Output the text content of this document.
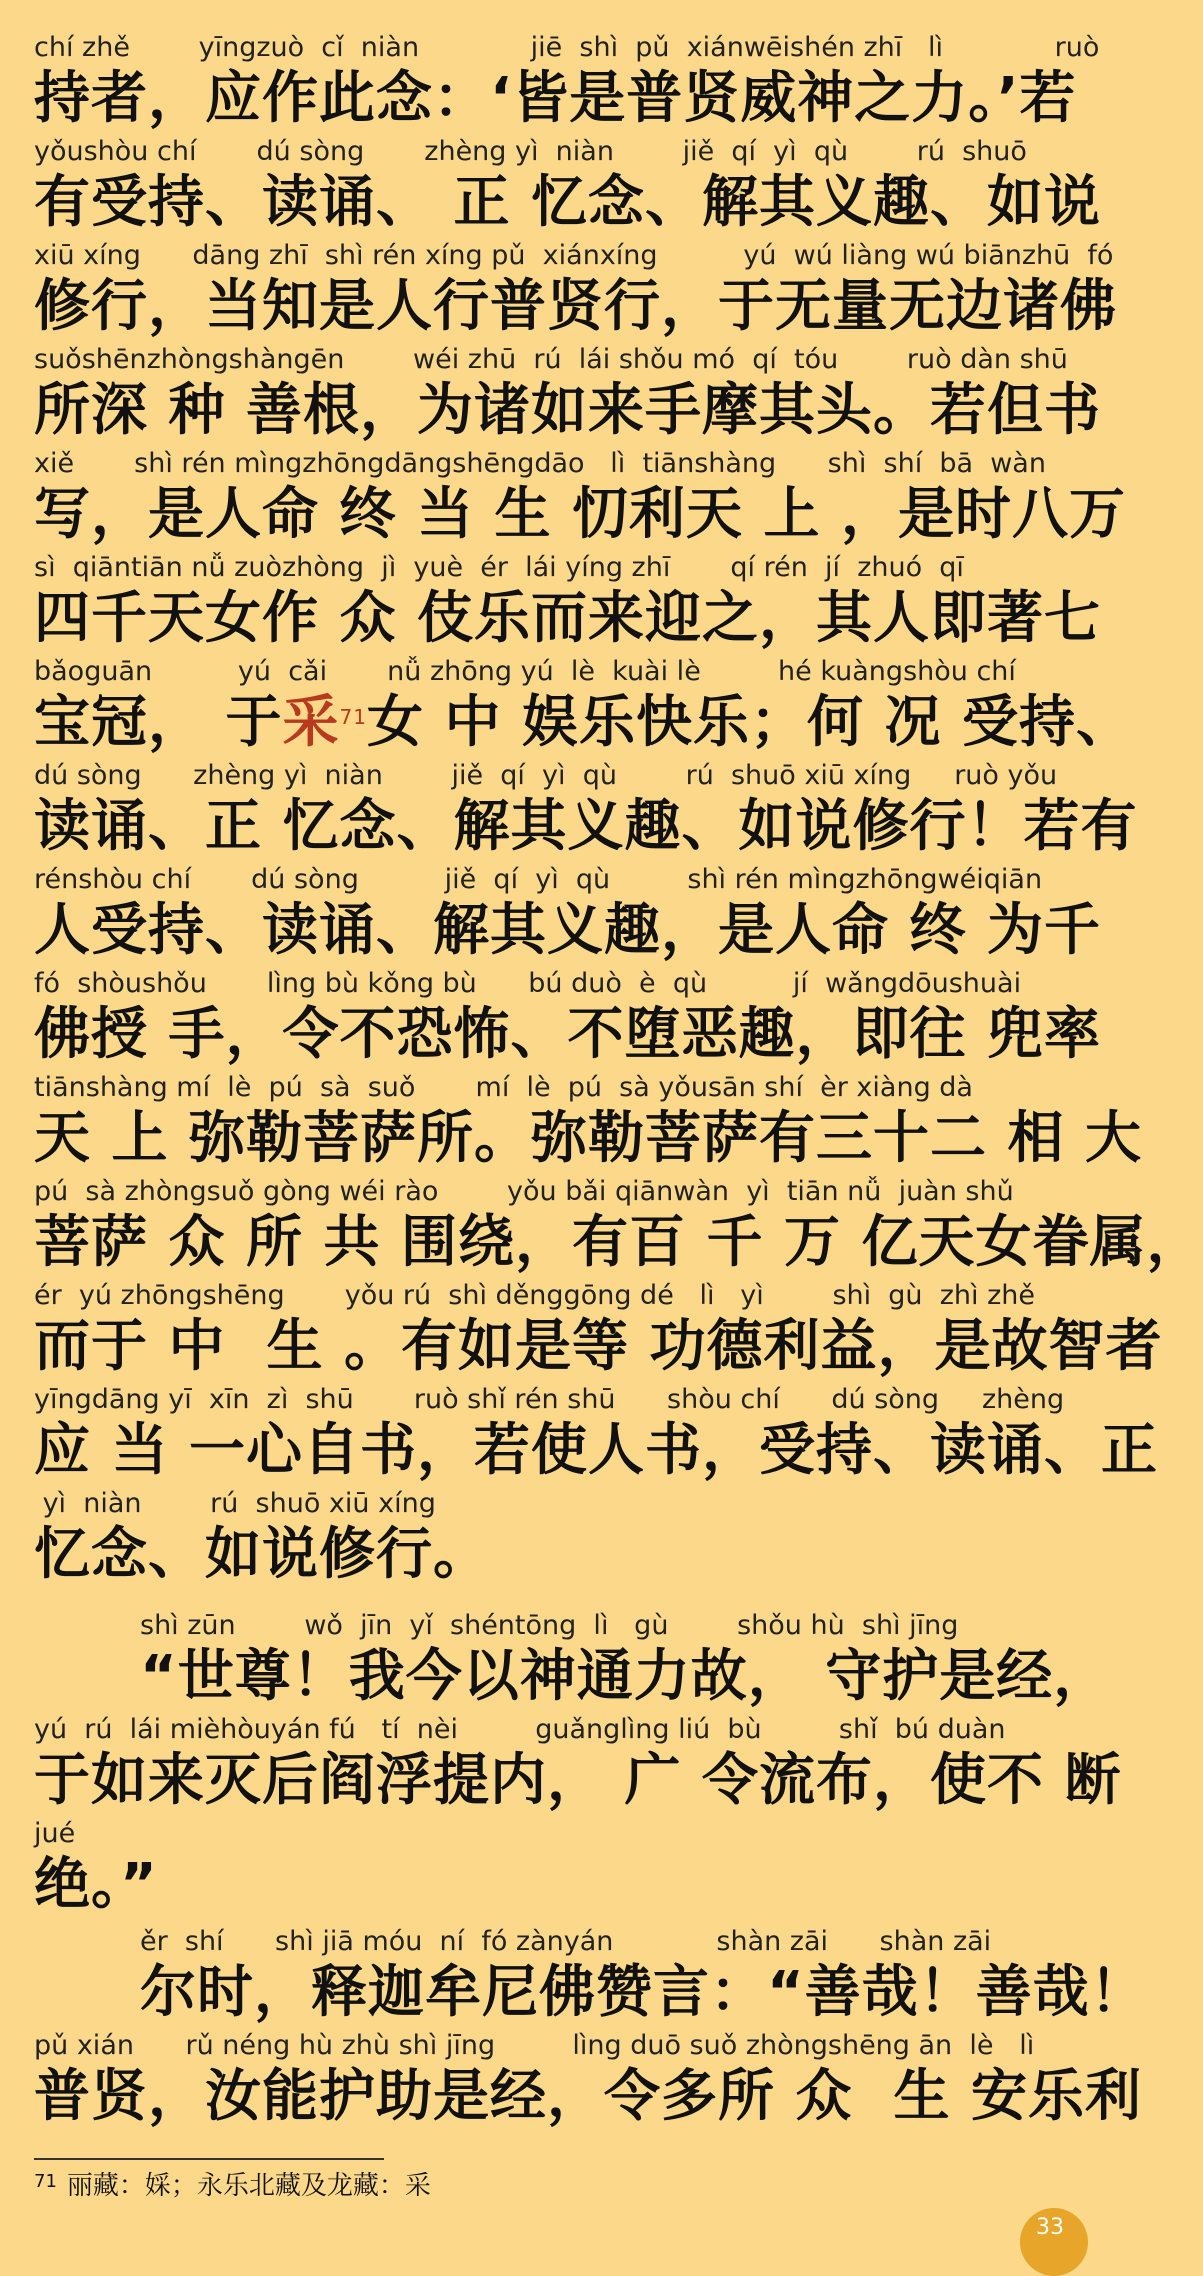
chí zhě        yīngzuò  cǐ  niàn             jiē  shì  pǔ  xiánwēishén zhī   lì             ruò
持者，应作此念：‘皆是普贤威神之力。’若
yǒushòu chí       dú sòng       zhèng yì  niàn        jiě  qí  yì  qù        rú  shuō
有受持、读诵、 正 忆念、解其义趣、如说
xiū xíng      dāng zhī  shì rén xíng pǔ  xiánxíng          yú  wú liàng wú biānzhū  fó
修行，当知是人行普贤行，于无量无边诸佛
suǒshēnzhòngshàngēn        wéi zhū  rú  lái shǒu mó  qí  tóu        ruò dàn shū
所深 种 善根，为诸如来手摩其头。若但书
xiě       shì rén mìngzhōngdāngshēngdāo   lì  tiānshàng      shì  shí  bā  wàn
写，是人命 终 当 生 忉利天 上 ，是时八万
sì  qiāntiān nǚ zuòzhòng  jì  yuè  ér  lái yíng zhī       qí rén  jí  zhuó  qī
四千天女作 众 伎乐而来迎之，其人即著七
bǎoguān          yú  cǎi       nǚ zhōng yú  lè  kuài lè         hé kuàngshòu chí
宝冠， 于采$^{71}$女 中 娱乐快乐；何 况 受持、
dú sòng      zhèng yì  niàn        jiě  qí  yì  qù        rú  shuō xiū xíng     ruò yǒu
读诵、正 忆念、解其义趣、如说修行！若有
rénshòu chí       dú sòng          jiě  qí  yì  qù         shì rén mìngzhōngwéiqiān
人受持、读诵、解其义趣，是人命 终 为千
fó  shòushǒu       lìng bù kǒng bù      bú duò  è  qù          jí  wǎngdōushuài
佛授 手，令不恐怖、不堕恶趣，即往 兜率
tiānshàng mí  lè  pú  sà  suǒ       mí  lè  pú  sà yǒusān shí  èr xiàng dà
天 上 弥勒菩萨所。弥勒菩萨有三十二 相 大
pú  sà zhòngsuǒ gòng wéi rào        yǒu bǎi qiānwàn  yì  tiān nǚ  juàn shǔ
菩萨 众 所 共 围绕，有百 千 万 亿天女眷属，
ér  yú zhōngshēng       yǒu rú  shì děnggōng dé   lì   yì        shì  gù  zhì zhě
而于 中  生 。有如是等 功德利益，是故智者
yīngdāng yī  xīn  zì  shū       ruò shǐ rén shū      shòu chí      dú sòng     zhèng
应 当 一心自书，若使人书，受持、读诵、正
yì  niàn        rú  shuō xiū xíng
忆念、如说修行。
shì zūn        wǒ  jīn  yǐ  shéntōng  lì   gù        shǒu hù  shì jīng
“世尊！我今以神通力故， 守护是经，
yú  rú  lái mièhòuyán fú   tí  nèi         guǎnglìng liú  bù         shǐ  bú duàn
于如来灭后阎浮提内， 广 令流布，使不 断
jué
绝。”
ěr  shí      shì jiā móu  ní  fó zànyán            shàn zāi      shàn zāi
尔时，释迦牟尼佛赞言：“善哉！善哉！
pǔ xián      rǔ néng hù zhù shì jīng         lìng duō suǒ zhòngshēng ān  lè   lì
普贤，汝能护助是经，令多所 众  生 安乐利
$^{71}$ 丽藏：婇；永乐北藏及龙藏：采
33
